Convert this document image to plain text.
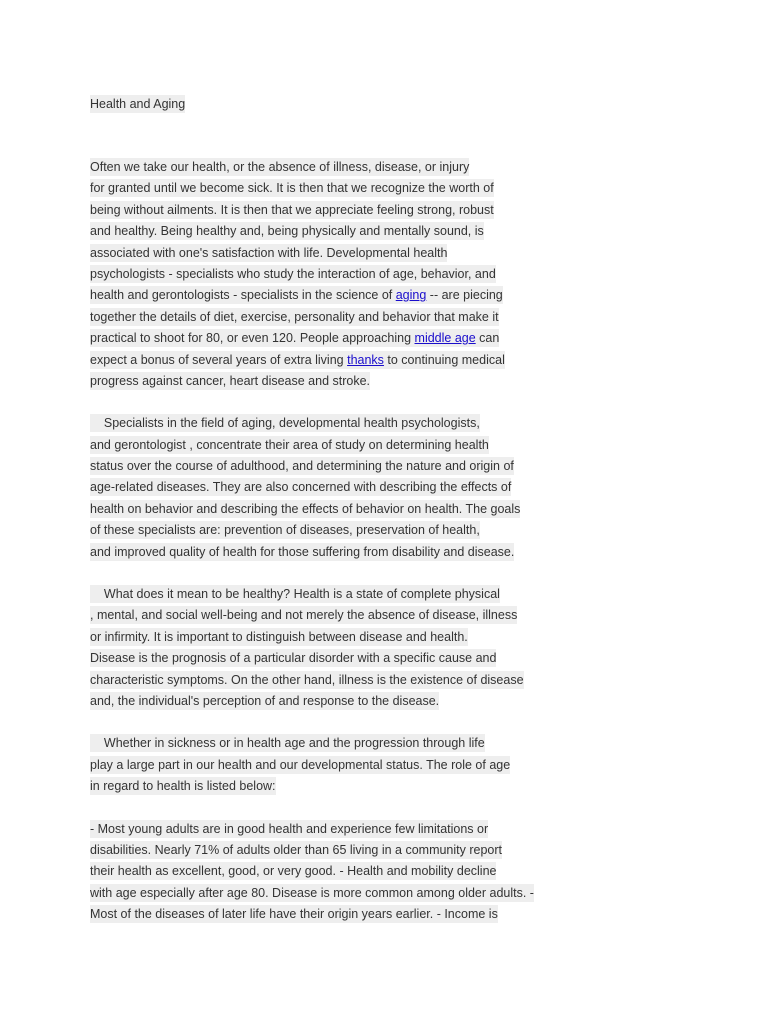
Health and Aging
Often we take our health, or the absence of illness, disease, or injury
for granted until we become sick. It is then that we recognize the worth of
being without ailments. It is then that we appreciate feeling strong, robust
and healthy. Being healthy and, being physically and mentally sound, is
associated with one's satisfaction with life. Developmental health
psychologists - specialists who study the interaction of age, behavior, and
health and gerontologists - specialists in the science of aging -- are piecing
together the details of diet, exercise, personality and behavior that make it
practical to shoot for 80, or even 120. People approaching middle age can
expect a bonus of several years of extra living thanks to continuing medical
progress against cancer, heart disease and stroke.
Specialists in the field of aging, developmental health psychologists,
and gerontologist , concentrate their area of study on determining health
status over the course of adulthood, and determining the nature and origin of
age-related diseases. They are also concerned with describing the effects of
health on behavior and describing the effects of behavior on health. The goals
of these specialists are: prevention of diseases, preservation of health,
and improved quality of health for those suffering from disability and disease.
What does it mean to be healthy? Health is a state of complete physical
, mental, and social well-being and not merely the absence of disease, illness
or infirmity. It is important to distinguish between disease and health.
Disease is the prognosis of a particular disorder with a specific cause and
characteristic symptoms. On the other hand, illness is the existence of disease
and, the individual's perception of and response to the disease.
Whether in sickness or in health age and the progression through life
play a large part in our health and our developmental status. The role of age
in regard to health is listed below:
- Most young adults are in good health and experience few limitations or
disabilities. Nearly 71% of adults older than 65 living in a community report
their health as excellent, good, or very good. - Health and mobility decline
with age especially after age 80. Disease is more common among older adults. -
Most of the diseases of later life have their origin years earlier. - Income is
